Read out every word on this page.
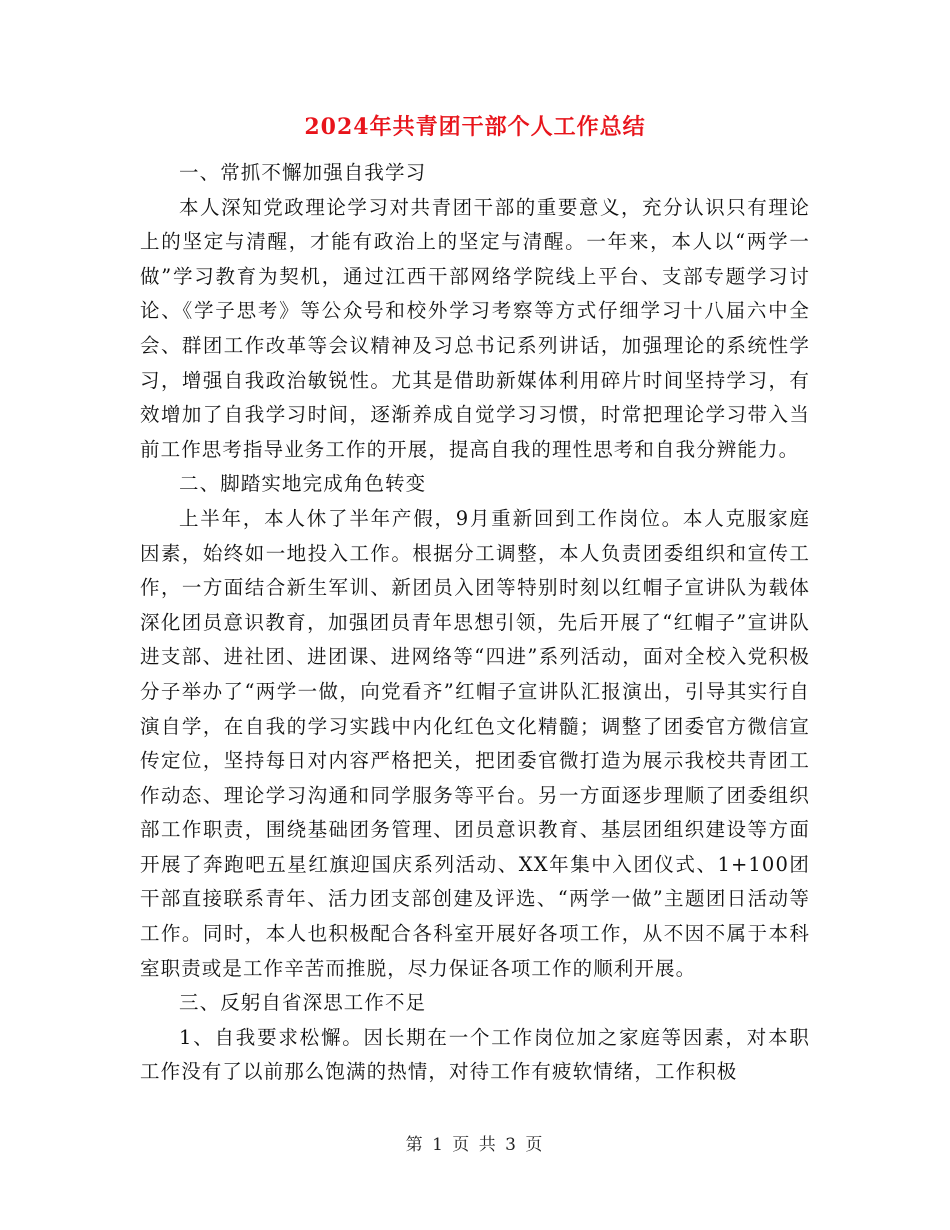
2024年共青团干部个人工作总结

一、常抓不懈加强自我学习

本人深知党政理论学习对共青团干部的重要意义，充分认识只有理论上的坚定与清醒，才能有政治上的坚定与清醒。一年来，本人以“两学一做”学习教育为契机，通过江西干部网络学院线上平台、支部专题学习讨论、《学子思考》等公众号和校外学习考察等方式仔细学习十八届六中全会、群团工作改革等会议精神及习总书记系列讲话，加强理论的系统性学习，增强自我政治敏锐性。尤其是借助新媒体利用碎片时间坚持学习，有效增加了自我学习时间，逐渐养成自觉学习习惯，时常把理论学习带入当前工作思考指导业务工作的开展，提高自我的理性思考和自我分辨能力。

二、脚踏实地完成角色转变

上半年，本人休了半年产假，9月重新回到工作岗位。本人克服家庭因素，始终如一地投入工作。根据分工调整，本人负责团委组织和宣传工作，一方面结合新生军训、新团员入团等特别时刻以红帽子宣讲队为载体深化团员意识教育，加强团员青年思想引领，先后开展了“红帽子”宣讲队进支部、进社团、进团课、进网络等“四进”系列活动，面对全校入党积极分子举办了“两学一做，向党看齐”红帽子宣讲队汇报演出，引导其实行自演自学，在自我的学习实践中内化红色文化精髓；调整了团委官方微信宣传定位，坚持每日对内容严格把关，把团委官微打造为展示我校共青团工作动态、理论学习沟通和同学服务等平台。另一方面逐步理顺了团委组织部工作职责，围绕基础团务管理、团员意识教育、基层团组织建设等方面开展了奔跑吧五星红旗迎国庆系列活动、XX年集中入团仪式、1+100团干部直接联系青年、活力团支部创建及评选、“两学一做”主题团日活动等工作。同时，本人也积极配合各科室开展好各项工作，从不因不属于本科室职责或是工作辛苦而推脱，尽力保证各项工作的顺利开展。

三、反躬自省深思工作不足

1、自我要求松懈。因长期在一个工作岗位加之家庭等因素，对本职工作没有了以前那么饱满的热情，对待工作有疲软情绪，工作积极

第 1 页 共 3 页
